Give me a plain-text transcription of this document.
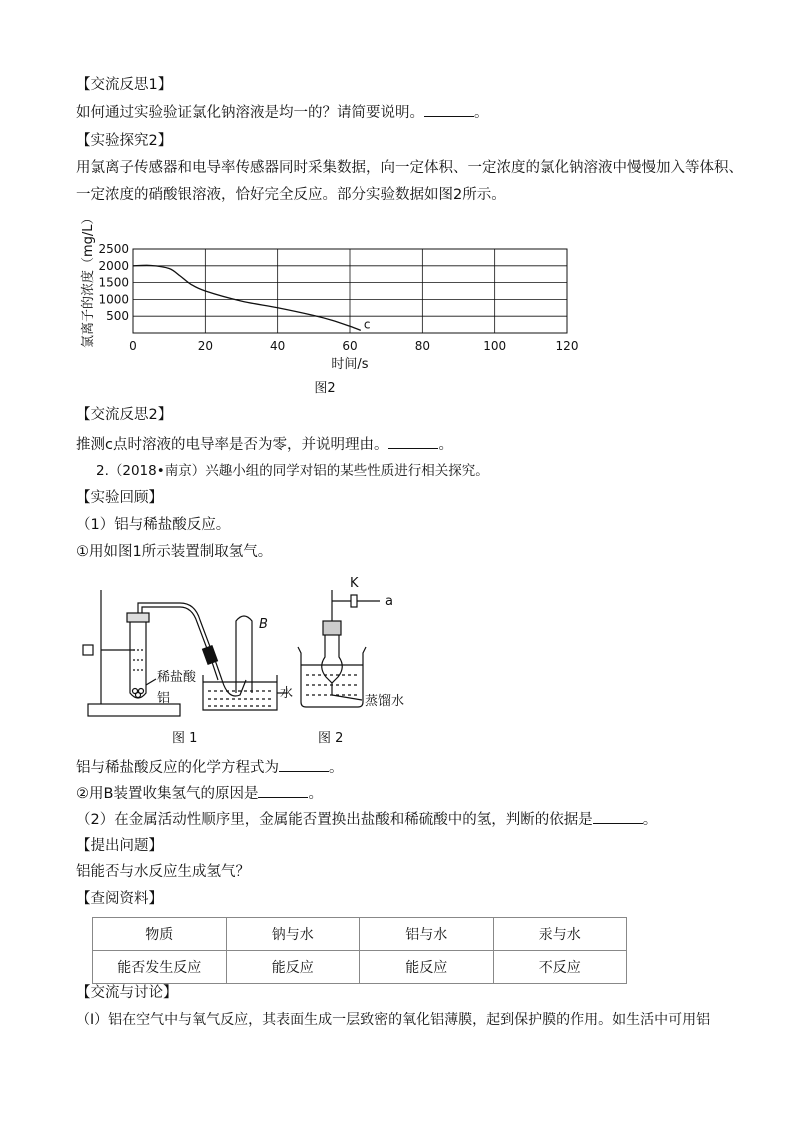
【交流反思1】
如何通过实验验证氯化钠溶液是均一的？请简要说明。	。
【实验探究2】
用氯离子传感器和电导率传感器同时采集数据，向一定体积、一定浓度的氯化钠溶液中慢慢加入等体积、
一定浓度的硝酸银溶液，恰好完全反应。部分实验数据如图2所示。
0	20	40	60	80	100	120
500
1000
1500
2000
2500
c
氯离子的浓度（mg/L）
时间/s
图2
【交流反思2】
推测c点时溶液的电导率是否为零，并说明理由。	。
2.（2018•南京）兴趣小组的同学对铝的某些性质进行相关探究。
【实验回顾】
（1）铝与稀盐酸反应。
①用如图1所示装置制取氢气。
B
稀盐酸
铝	水
图 1
K
a
蒸馏水
图 2
铝与稀盐酸反应的化学方程式为	。
②用B装置收集氢气的原因是	。
（2）在金属活动性顺序里，金属能否置换出盐酸和稀硫酸中的氢，判断的依据是	。
【提出问题】
铝能否与水反应生成氢气？
【查阅资料】
物质	钠与水	铝与水	汞与水
能否发生反应	能反应	能反应	不反应
【交流与讨论】
（I）铝在空气中与氧气反应，其表面生成一层致密的氧化铝薄膜，起到保护膜的作用。如生活中可用铝
